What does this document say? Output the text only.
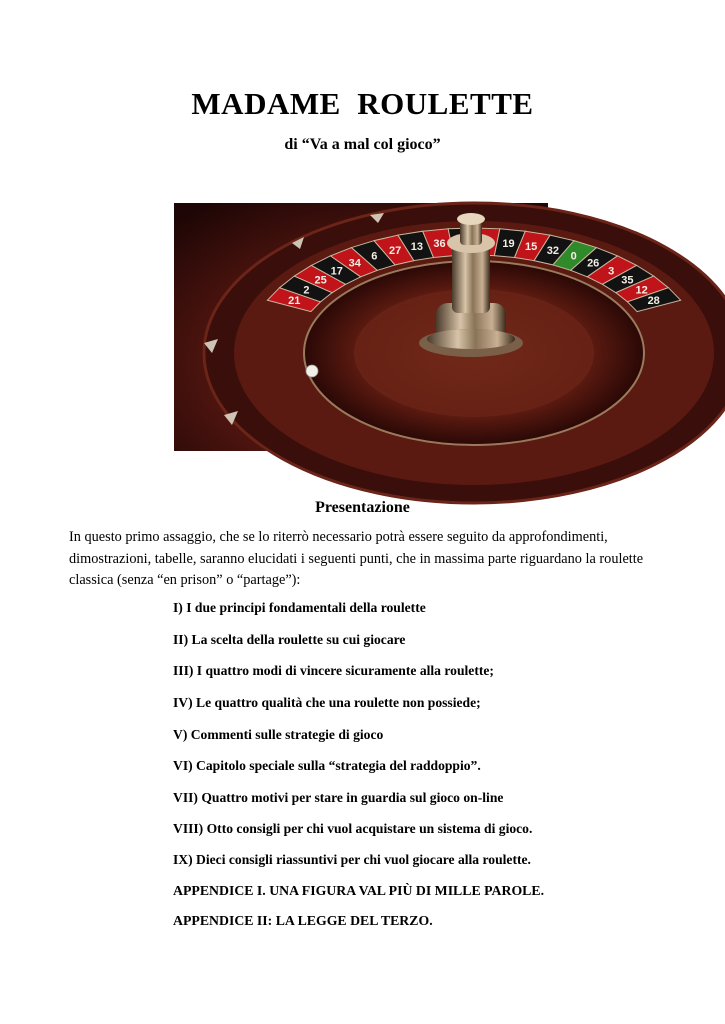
MADAME  ROULETTE
di “Va a mal col gioco”
21
2
25
17
34
6 27 13 36	19 15 32 0
26
3
35
12
28
Presentazione
In questo primo assaggio, che se lo riterrò necessario potrà essere seguito da approfondimenti, dimostrazioni, tabelle, saranno elucidati i seguenti punti, che in massima parte riguardano la roulette classica (senza “en prison” o “partage”):
I) I due principi fondamentali della roulette
II) La scelta della roulette su cui giocare
III) I quattro modi di vincere sicuramente alla roulette;
IV) Le quattro qualità che una roulette non possiede;
V) Commenti sulle strategie di gioco
VI) Capitolo speciale sulla “strategia del raddoppio”.
VII) Quattro motivi per stare in guardia sul gioco on-line
VIII) Otto consigli per chi vuol acquistare un sistema di gioco.
IX) Dieci consigli riassuntivi per chi vuol giocare alla roulette.
APPENDICE I. UNA FIGURA VAL PIÙ DI MILLE PAROLE.
APPENDICE II: LA LEGGE DEL TERZO.
